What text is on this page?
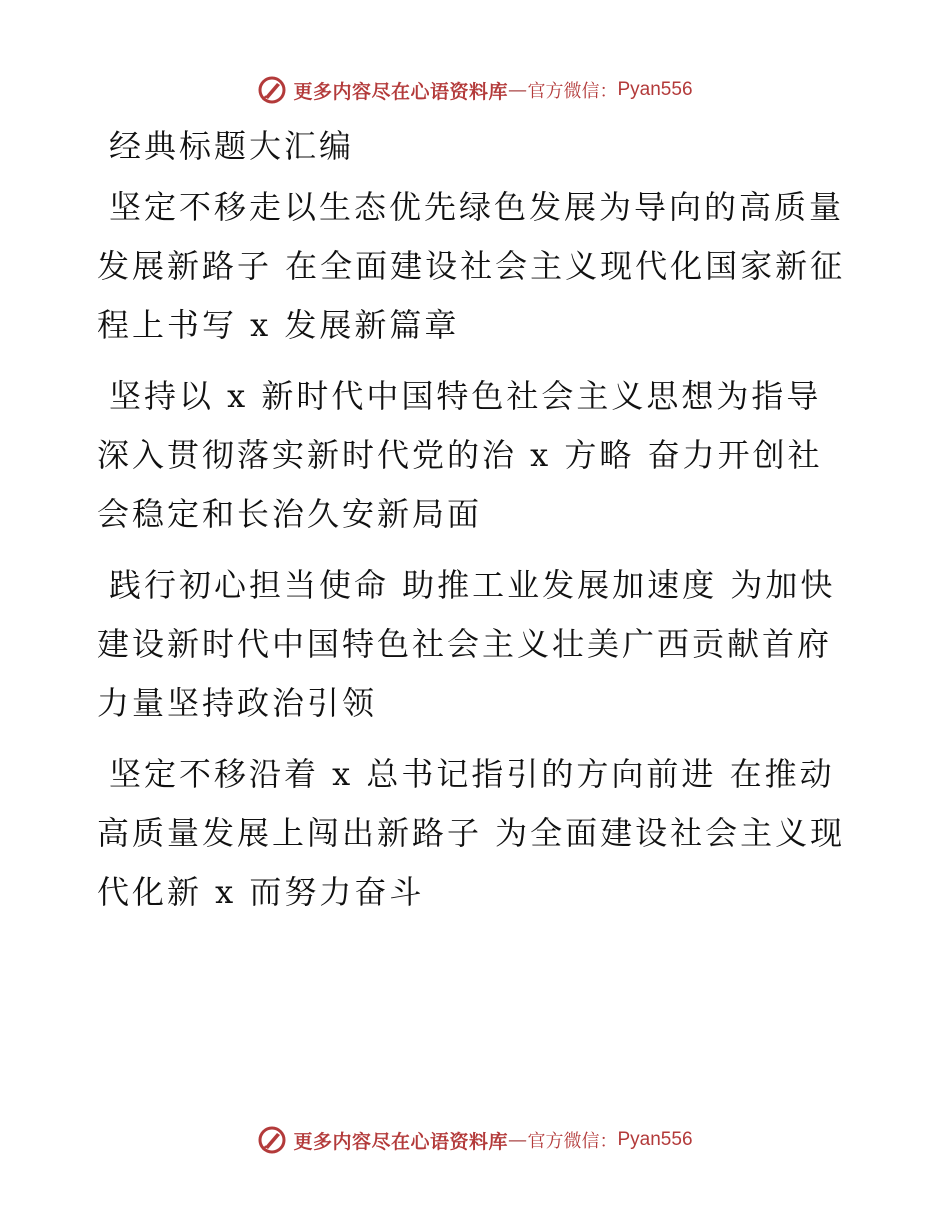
更多内容尽在心语资料库 — 官方微信： Pyan556
经典标题大汇编

坚定不移走以生态优先绿色发展为导向的高质量发展新路子 在全面建设社会主义现代化国家新征程上书写 x 发展新篇章

坚持以 x 新时代中国特色社会主义思想为指导 深入贯彻落实新时代党的治 x 方略 奋力开创社会稳定和长治久安新局面

践行初心担当使命 助推工业发展加速度 为加快建设新时代中国特色社会主义壮美广西贡献首府力量坚持政治引领

坚定不移沿着 x 总书记指引的方向前进 在推动高质量发展上闯出新路子 为全面建设社会主义现代化新 x 而努力奋斗

更多内容尽在心语资料库 — 官方微信： Pyan556
